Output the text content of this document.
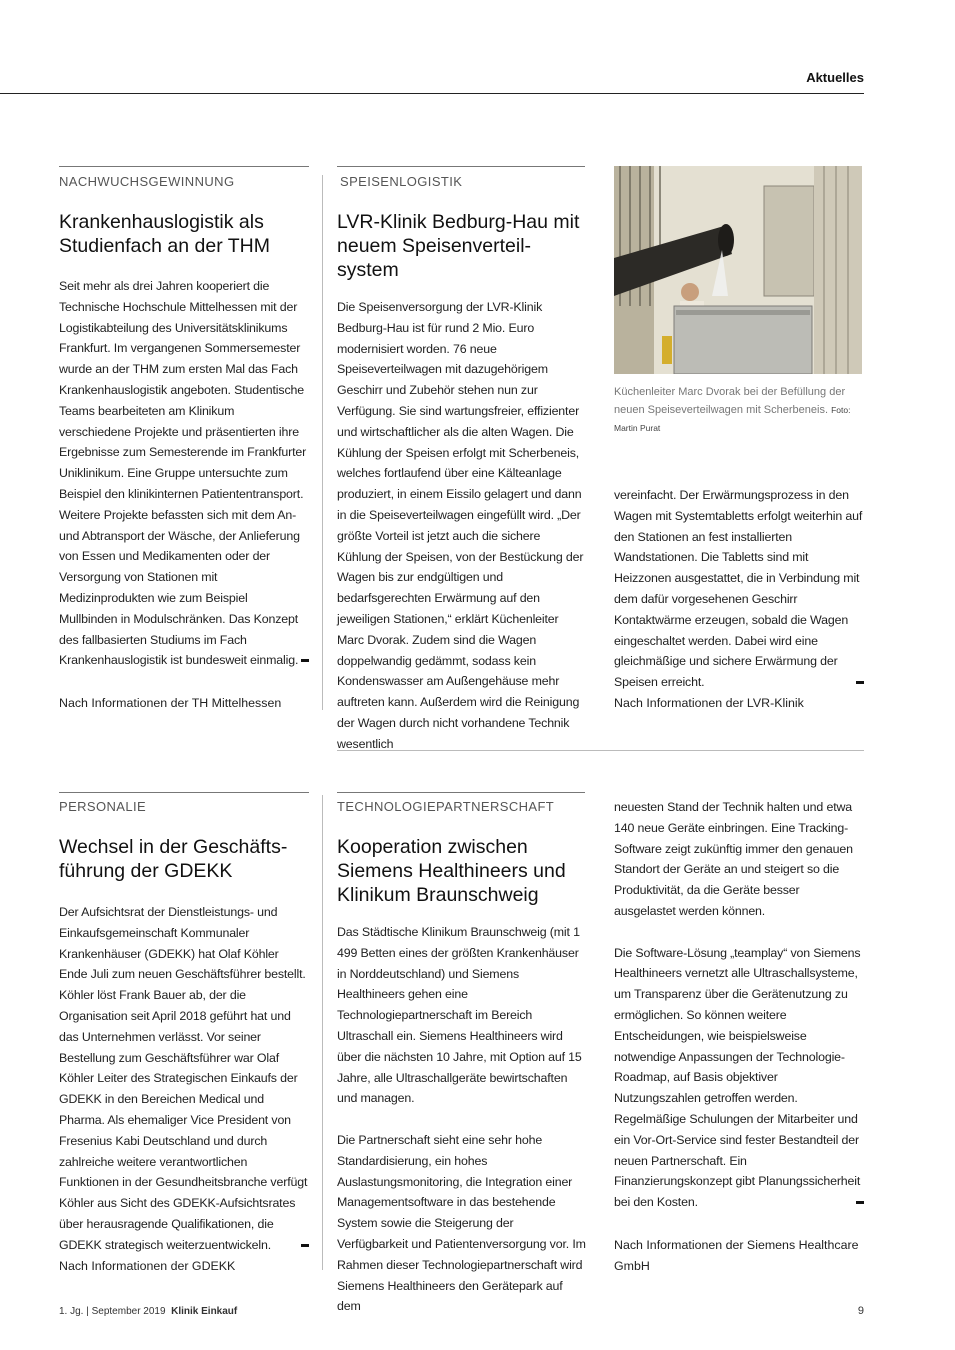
Aktuelles
NACHWUCHSGEWINNUNG
Krankenhauslogistik als Studienfach an der THM

Seit mehr als drei Jahren kooperiert die Technische Hochschule Mittelhessen mit der Logistikabteilung des Universitätsklinikums Frankfurt. Im vergangenen Sommersemester wurde an der THM zum ersten Mal das Fach Krankenhauslogistik angeboten. Studentische Teams bearbeiteten am Klinikum verschiedene Projekte und präsentierten ihre Ergebnisse zum Semesterende im Frankfurter Uniklinikum. Eine Gruppe untersuchte zum Beispiel den klinikinternen Patiententransport. Weitere Projekte befassten sich mit dem An- und Abtransport der Wäsche, der Anlieferung von Essen und Medikamenten oder der Versorgung von Stationen mit Medizinprodukten wie zum Beispiel Mullbinden in Modulschränken. Das Konzept des fallbasierten Studiums im Fach Krankenhauslogistik ist bundesweit einmalig.

Nach Informationen der TH Mittelhessen
SPEISENLOGISTIK
LVR-Klinik Bedburg-Hau mit neuem Speisenverteil-system

Die Speisenversorgung der LVR-Klinik Bedburg-Hau ist für rund 2 Mio. Euro modernisiert worden. 76 neue Speiseverteilwagen mit dazugehörigem Geschirr und Zubehör stehen nun zur Verfügung. Sie sind wartungsfreier, effizienter und wirtschaftlicher als die alten Wagen. Die Kühlung der Speisen erfolgt mit Scherbeneis, welches fortlaufend über eine Kälteanlage produziert, in einem Eissilo gelagert und dann in die Speiseverteilwagen eingefüllt wird. „Der größte Vorteil ist jetzt auch die sichere Kühlung der Speisen, von der Bestückung der Wagen bis zur endgültigen und bedarfsgerechten Erwärmung auf den jeweiligen Stationen,“ erklärt Küchenleiter Marc Dvorak. Zudem sind die Wagen doppelwandig gedämmt, sodass kein Kondenswasser am Außengehäuse mehr auftreten kann. Außerdem wird die Reinigung der Wagen durch nicht vorhandene Technik wesentlich

Küchenleiter Marc Dvorak bei der Befüllung der neuen Speiseverteilwagen mit Scherbeneis. Foto: Martin Purat

vereinfacht. Der Erwärmungsprozess in den Wagen mit Systemtabletts erfolgt weiterhin auf den Stationen an fest installierten Wandstationen. Die Tabletts sind mit Heizzonen ausgestattet, die in Verbindung mit dem dafür vorgesehenen Geschirr Kontaktwärme erzeugen, sobald die Wagen eingeschaltet werden. Dabei wird eine gleichmäßige und sichere Erwärmung der Speisen erreicht.

Nach Informationen der LVR-Klinik
PERSONALIE
Wechsel in der Geschäfts-führung der GDEKK

Der Aufsichtsrat der Dienstleistungs- und Einkaufsgemeinschaft Kommunaler Krankenhäuser (GDEKK) hat Olaf Köhler Ende Juli zum neuen Geschäftsführer bestellt. Köhler löst Frank Bauer ab, der die Organisation seit April 2018 geführt hat und das Unternehmen verlässt. Vor seiner Bestellung zum Geschäftsführer war Olaf Köhler Leiter des Strategischen Einkaufs der GDEKK in den Bereichen Medical und Pharma. Als ehemaliger Vice President von Fresenius Kabi Deutschland und durch zahlreiche weitere verantwortlichen Funktionen in der Gesundheitsbranche verfügt Köhler aus Sicht des GDEKK-Aufsichtsrates über herausragende Qualifikationen, die GDEKK strategisch weiterzuentwickeln.

Nach Informationen der GDEKK
TECHNOLOGIEPARTNERSCHAFT
Kooperation zwischen Siemens Healthineers und Klinikum Braunschweig

Das Städtische Klinikum Braunschweig (mit 1 499 Betten eines der größten Krankenhäuser in Norddeutschland) und Siemens Healthineers gehen eine Technologiepartnerschaft im Bereich Ultraschall ein. Siemens Healthineers wird über die nächsten 10 Jahre, mit Option auf 15 Jahre, alle Ultraschallgeräte bewirtschaften und managen.

Die Partnerschaft sieht eine sehr hohe Standardisierung, ein hohes Auslastungsmonitoring, die Integration einer Managementsoftware in das bestehende System sowie die Steigerung der Verfügbarkeit und Patientenversorgung vor. Im Rahmen dieser Technologiepartnerschaft wird Siemens Healthineers den Gerätepark auf dem

neuesten Stand der Technik halten und etwa 140 neue Geräte einbringen. Eine Tracking-Software zeigt zukünftig immer den genauen Standort der Geräte an und steigert so die Produktivität, da die Geräte besser ausgelastet werden können.

Die Software-Lösung „teamplay“ von Siemens Healthineers vernetzt alle Ultraschallsysteme, um Transparenz über die Gerätenutzung zu ermöglichen. So können weitere Entscheidungen, wie beispielsweise notwendige Anpassungen der Technologie-Roadmap, auf Basis objektiver Nutzungszahlen getroffen werden. Regelmäßige Schulungen der Mitarbeiter und ein Vor-Ort-Service sind fester Bestandteil der neuen Partnerschaft. Ein Finanzierungskonzept gibt Planungssicherheit bei den Kosten.

Nach Informationen der Siemens Healthcare GmbH
1. Jg. | September 2019 Klinik Einkauf	9
